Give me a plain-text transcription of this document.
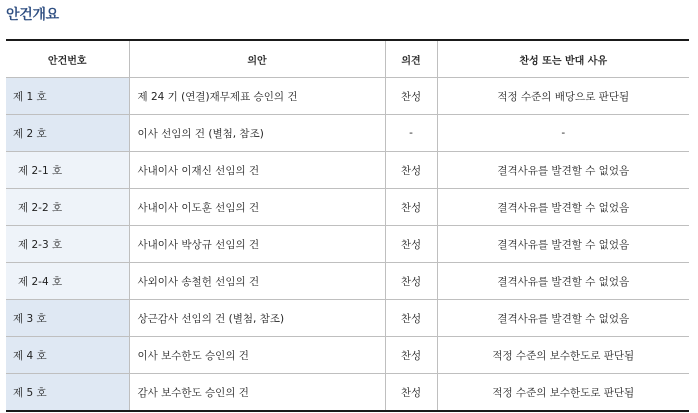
안건개요
안건번호	의안	의견	찬성 또는 반대 사유
제 1 호	제 24 기 (연결)재무제표 승인의 건	찬성	적정 수준의 배당으로 판단됨
제 2 호	이사 선임의 건 (별첨, 참조)	-	-
제 2-1 호	사내이사 이재신 선임의 건	찬성	결격사유를 발견할 수 없었음
제 2-2 호	사내이사 이도훈 선임의 건	찬성	결격사유를 발견할 수 없었음
제 2-3 호	사내이사 박상규 선임의 건	찬성	결격사유를 발견할 수 없었음
제 2-4 호	사외이사 송철헌 선임의 건	찬성	결격사유를 발견할 수 없었음
제 3 호	상근감사 선임의 건 (별첨, 참조)	찬성	결격사유를 발견할 수 없었음
제 4 호	이사 보수한도 승인의 건	찬성	적정 수준의 보수한도로 판단됨
제 5 호	감사 보수한도 승인의 건	찬성	적정 수준의 보수한도로 판단됨
